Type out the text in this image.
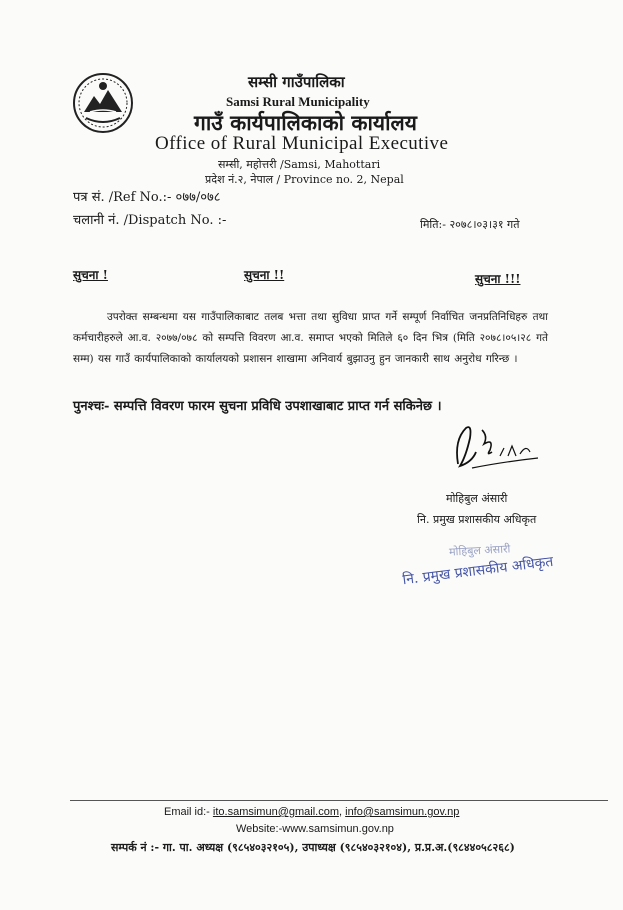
सम्सी गाउँपालिका
Samsi Rural Municipality
गाउँ कार्यपालिकाको कार्यालय
Office of Rural Municipal Executive
सम्सी, महोत्तरी /Samsi, Mahottari
प्रदेश नं.२, नेपाल / Province no. 2, Nepal
पत्र सं. /Ref No.:- ०७७/०७८
चलानी नं. /Dispatch No. :-	मिति:- २०७८।०३।३१ गते
सुचना !	सुचना !!	सुचना !!!
उपरोक्त सम्बन्धमा यस गाउँपालिकाबाट तलब भत्ता तथा सुविधा प्राप्त गर्ने सम्पूर्ण निर्वाचित जनप्रतिनिधिहरु तथा कर्मचारीहरुले आ.व. २०७७/०७८ को सम्पत्ति विवरण आ.व. समाप्त भएको मितिले ६० दिन भित्र (मिति २०७८।०५।२८ गते सम्म) यस गाउँ कार्यपालिकाको कार्यालयको प्रशासन शाखामा अनिवार्य बुझाउनु हुन जानकारी साथ अनुरोध गरिन्छ ।
पुनश्चः- सम्पत्ति विवरण फारम सुचना प्रविधि उपशाखाबाट प्राप्त गर्न सकिनेछ ।
मोहिबुल अंसारी
नि. प्रमुख प्रशासकीय अधिकृत
मोहिबुल अंसारी
नि. प्रमुख प्रशासकीय अधिकृत
Email id:- ito.samsimun@gmail.com, info@samsimun.gov.np
Website:-www.samsimun.gov.np
सम्पर्क नं :- गा. पा. अध्यक्ष (९८५४०३२१०५), उपाध्यक्ष (९८५४०३२१०४), प्र.प्र.अ.(९८४४०५८२६८)
